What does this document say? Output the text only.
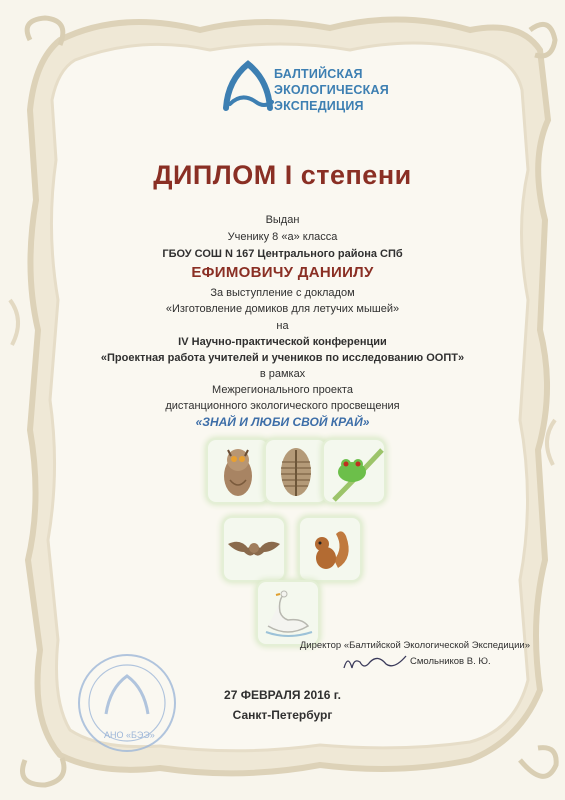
БАЛТИЙСКАЯ
ЭКОЛОГИЧЕСКАЯ
ЭКСПЕДИЦИЯ
ДИПЛОМ I степени
Выдан
Ученику 8 «а» класса
ГБОУ СОШ N 167 Центрального района СПб
ЕФИМОВИЧУ ДАНИИЛУ
За выступление с докладом
«Изготовление домиков для летучих мышей»
на
IV Научно-практической конференции
«Проектная работа учителей и учеников по исследованию ООПТ»
в рамках
Межрегионального проекта
дистанционного экологического просвещения
«ЗНАЙ И ЛЮБИ СВОЙ КРАЙ»
АНО «БЭЭ»
Директор «Балтийской Экологической Экспедиции»
Смольников В. Ю.
27 ФЕВРАЛЯ 2016 г.
Санкт-Петербург
